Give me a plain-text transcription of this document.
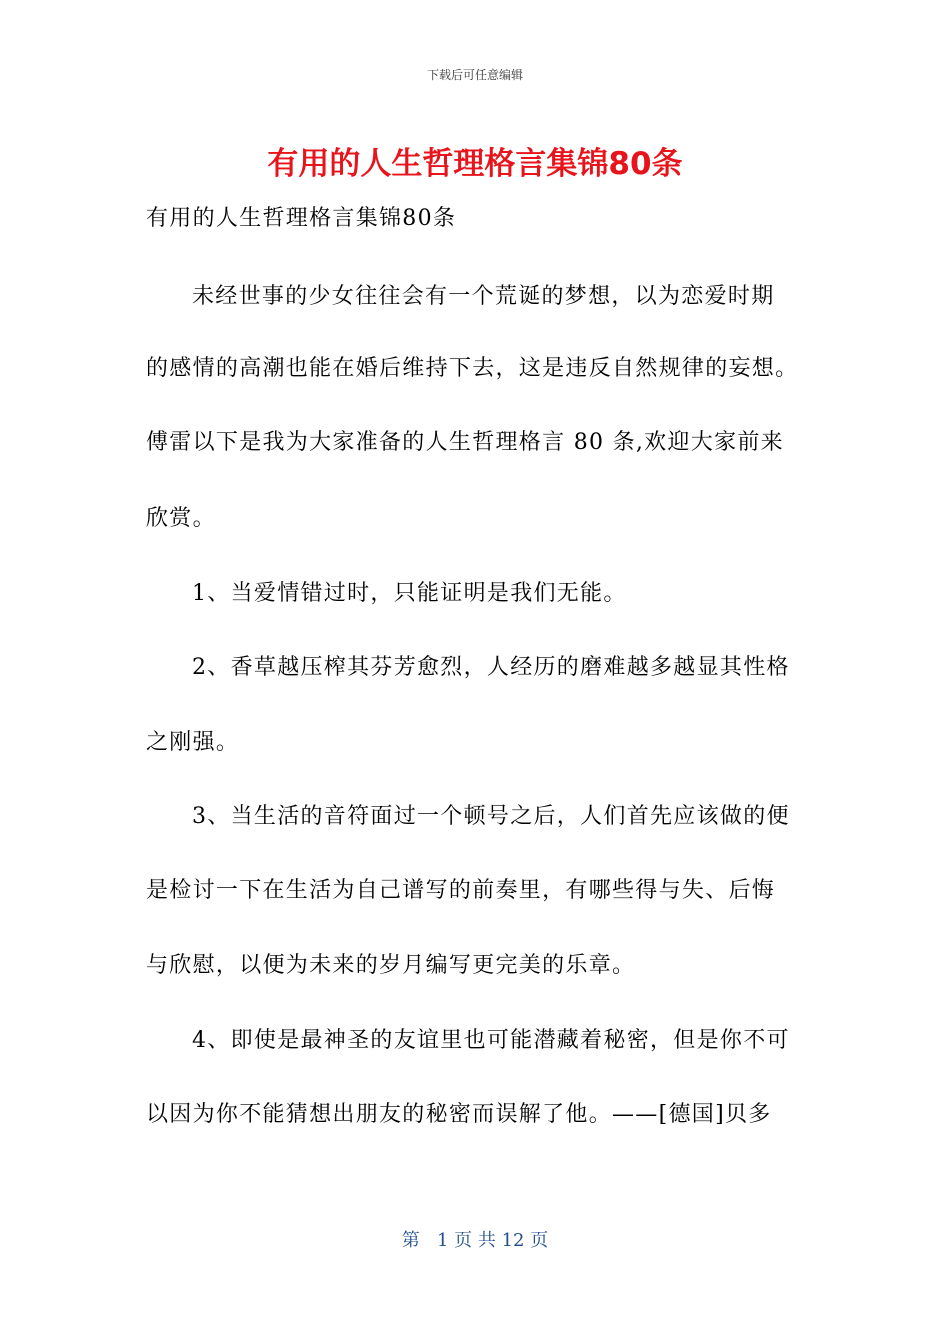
下载后可任意编辑
有用的人生哲理格言集锦80条
有用的人生哲理格言集锦80条
未经世事的少女往往会有一个荒诞的梦想，以为恋爱时期
的感情的高潮也能在婚后维持下去，这是违反自然规律的妄想。
傅雷以下是我为大家准备的人生哲理格言 80 条,欢迎大家前来
欣赏。
1、当爱情错过时，只能证明是我们无能。
2、香草越压榨其芬芳愈烈，人经历的磨难越多越显其性格
之刚强。
3、当生活的音符面过一个顿号之后，人们首先应该做的便
是检讨一下在生活为自己谱写的前奏里，有哪些得与失、后悔
与欣慰，以便为未来的岁月编写更完美的乐章。
4、即使是最神圣的友谊里也可能潜藏着秘密，但是你不可
以因为你不能猜想出朋友的秘密而误解了他。——[德国]贝多
第   1 页 共 12 页
